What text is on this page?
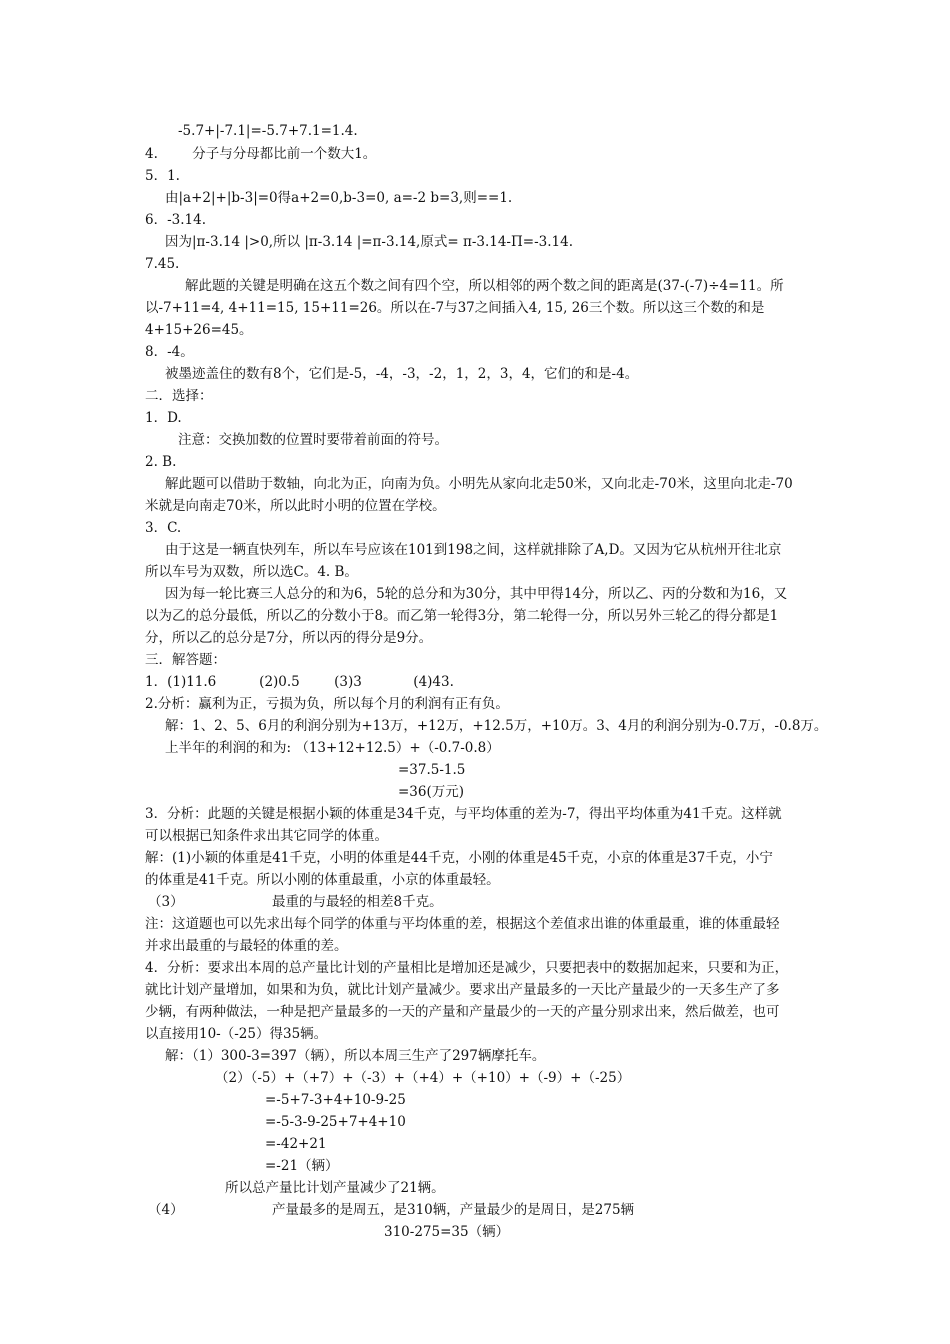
-5.7+|-7.1|=-5.7+7.1=1.4.
4.        分子与分母都比前一个数大1。
5．1.
由|a+2|+|b-3|=0得a+2=0,b-3=0, a=-2 b=3,则==1.
6．-3.14.
因为|π-3.14 |>0,所以 |π-3.14 |=π-3.14,原式= π-3.14-Π=-3.14.
7.45.
解此题的关键是明确在这五个数之间有四个空，所以相邻的两个数之间的距离是(37-(-7)÷4=11。所
以-7+11=4, 4+11=15, 15+11=26。所以在-7与37之间插入4, 15, 26三个数。所以这三个数的和是
4+15+26=45。
8．-4。
被墨迹盖住的数有8个，它们是-5，-4，-3，-2，1，2，3，4，它们的和是-4。
二．选择：
1．D.
注意：交换加数的位置时要带着前面的符号。
2. B.
解此题可以借助于数轴，向北为正，向南为负。小明先从家向北走50米，又向北走-70米，这里向北走-70
米就是向南走70米，所以此时小明的位置在学校。
3．C.
由于这是一辆直快列车，所以车号应该在101到198之间，这样就排除了A,D。又因为它从杭州开往北京
所以车号为双数，所以选C。4. B。
因为每一轮比赛三人总分的和为6，5轮的总分和为30分，其中甲得14分，所以乙、丙的分数和为16，又
以为乙的总分最低，所以乙的分数小于8。而乙第一轮得3分，第二轮得一分，所以另外三轮乙的得分都是1
分，所以乙的总分是7分，所以丙的得分是9分。
三．解答题：
1．(1)11.6          (2)0.5        (3)3            (4)43.
2.分析：赢利为正，亏损为负，所以每个月的利润有正有负。
解：1、2、5、6月的利润分别为+13万，+12万，+12.5万，+10万。3、4月的利润分别为-0.7万，-0.8万。
上半年的利润的和为: （13+12+12.5）+（-0.7-0.8）
=37.5-1.5
=36(万元)
3．分析：此题的关键是根据小颖的体重是34千克，与平均体重的差为-7，得出平均体重为41千克。这样就
可以根据已知条件求出其它同学的体重。
解：(1)小颖的体重是41千克，小明的体重是44千克，小刚的体重是45千克，小京的体重是37千克，小宁
的体重是41千克。所以小刚的体重最重，小京的体重最轻。
（3）	最重的与最轻的相差8千克。
注：这道题也可以先求出每个同学的体重与平均体重的差，根据这个差值求出谁的体重最重，谁的体重最轻
并求出最重的与最轻的体重的差。
4．分析：要求出本周的总产量比计划的产量相比是增加还是减少，只要把表中的数据加起来，只要和为正，
就比计划产量增加，如果和为负，就比计划产量减少。要求出产量最多的一天比产量最少的一天多生产了多
少辆，有两种做法，一种是把产量最多的一天的产量和产量最少的一天的产量分别求出来，然后做差，也可
以直接用10-（-25）得35辆。
解：（1）300-3=397（辆），所以本周三生产了297辆摩托车。
（2）（-5）+（+7）+（-3）+（+4）+（+10）+（-9）+（-25）
=-5+7-3+4+10-9-25
=-5-3-9-25+7+4+10
=-42+21
=-21（辆）
所以总产量比计划产量减少了21辆。
（4）	产量最多的是周五，是310辆，产量最少的是周日，是275辆
310-275=35（辆）
